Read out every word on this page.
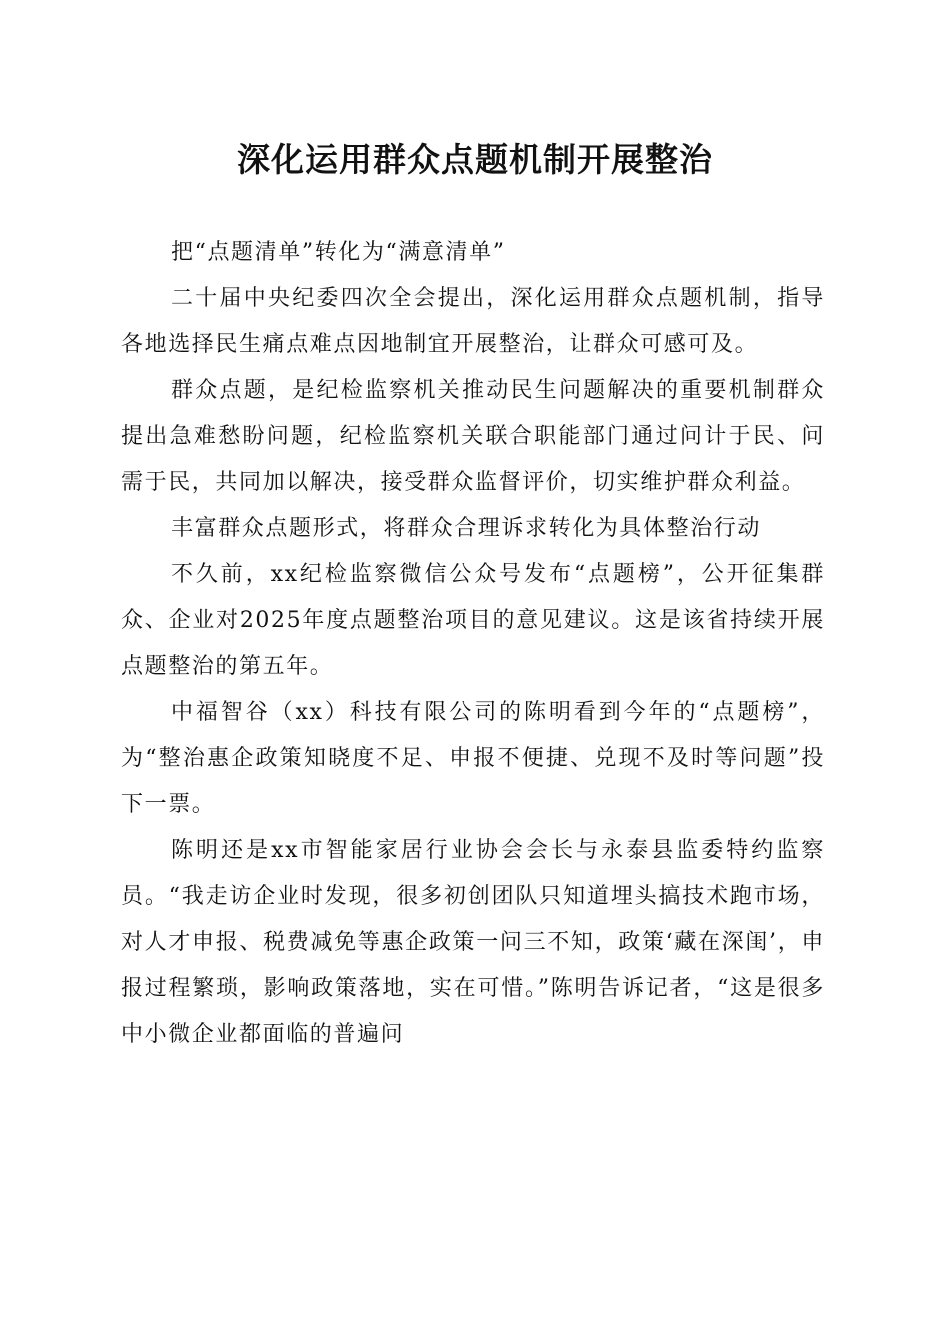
深化运用群众点题机制开展整治

把“点题清单”转化为“满意清单”

二十届中央纪委四次全会提出，深化运用群众点题机制，指导各地选择民生痛点难点因地制宜开展整治，让群众可感可及。

群众点题，是纪检监察机关推动民生问题解决的重要机制群众提出急难愁盼问题，纪检监察机关联合职能部门通过问计于民、问需于民，共同加以解决，接受群众监督评价，切实维护群众利益。

丰富群众点题形式，将群众合理诉求转化为具体整治行动

不久前，xx纪检监察微信公众号发布“点题榜”，公开征集群众、企业对2025年度点题整治项目的意见建议。这是该省持续开展点题整治的第五年。

中福智谷（xx）科技有限公司的陈明看到今年的“点题榜”，为“整治惠企政策知晓度不足、申报不便捷、兑现不及时等问题”投下一票。

陈明还是xx市智能家居行业协会会长与永泰县监委特约监察员。“我走访企业时发现，很多初创团队只知道埋头搞技术跑市场，对人才申报、税费减免等惠企政策一问三不知，政策‘藏在深闺’，申报过程繁琐，影响政策落地，实在可惜。”陈明告诉记者，“这是很多中小微企业都面临的普遍问
